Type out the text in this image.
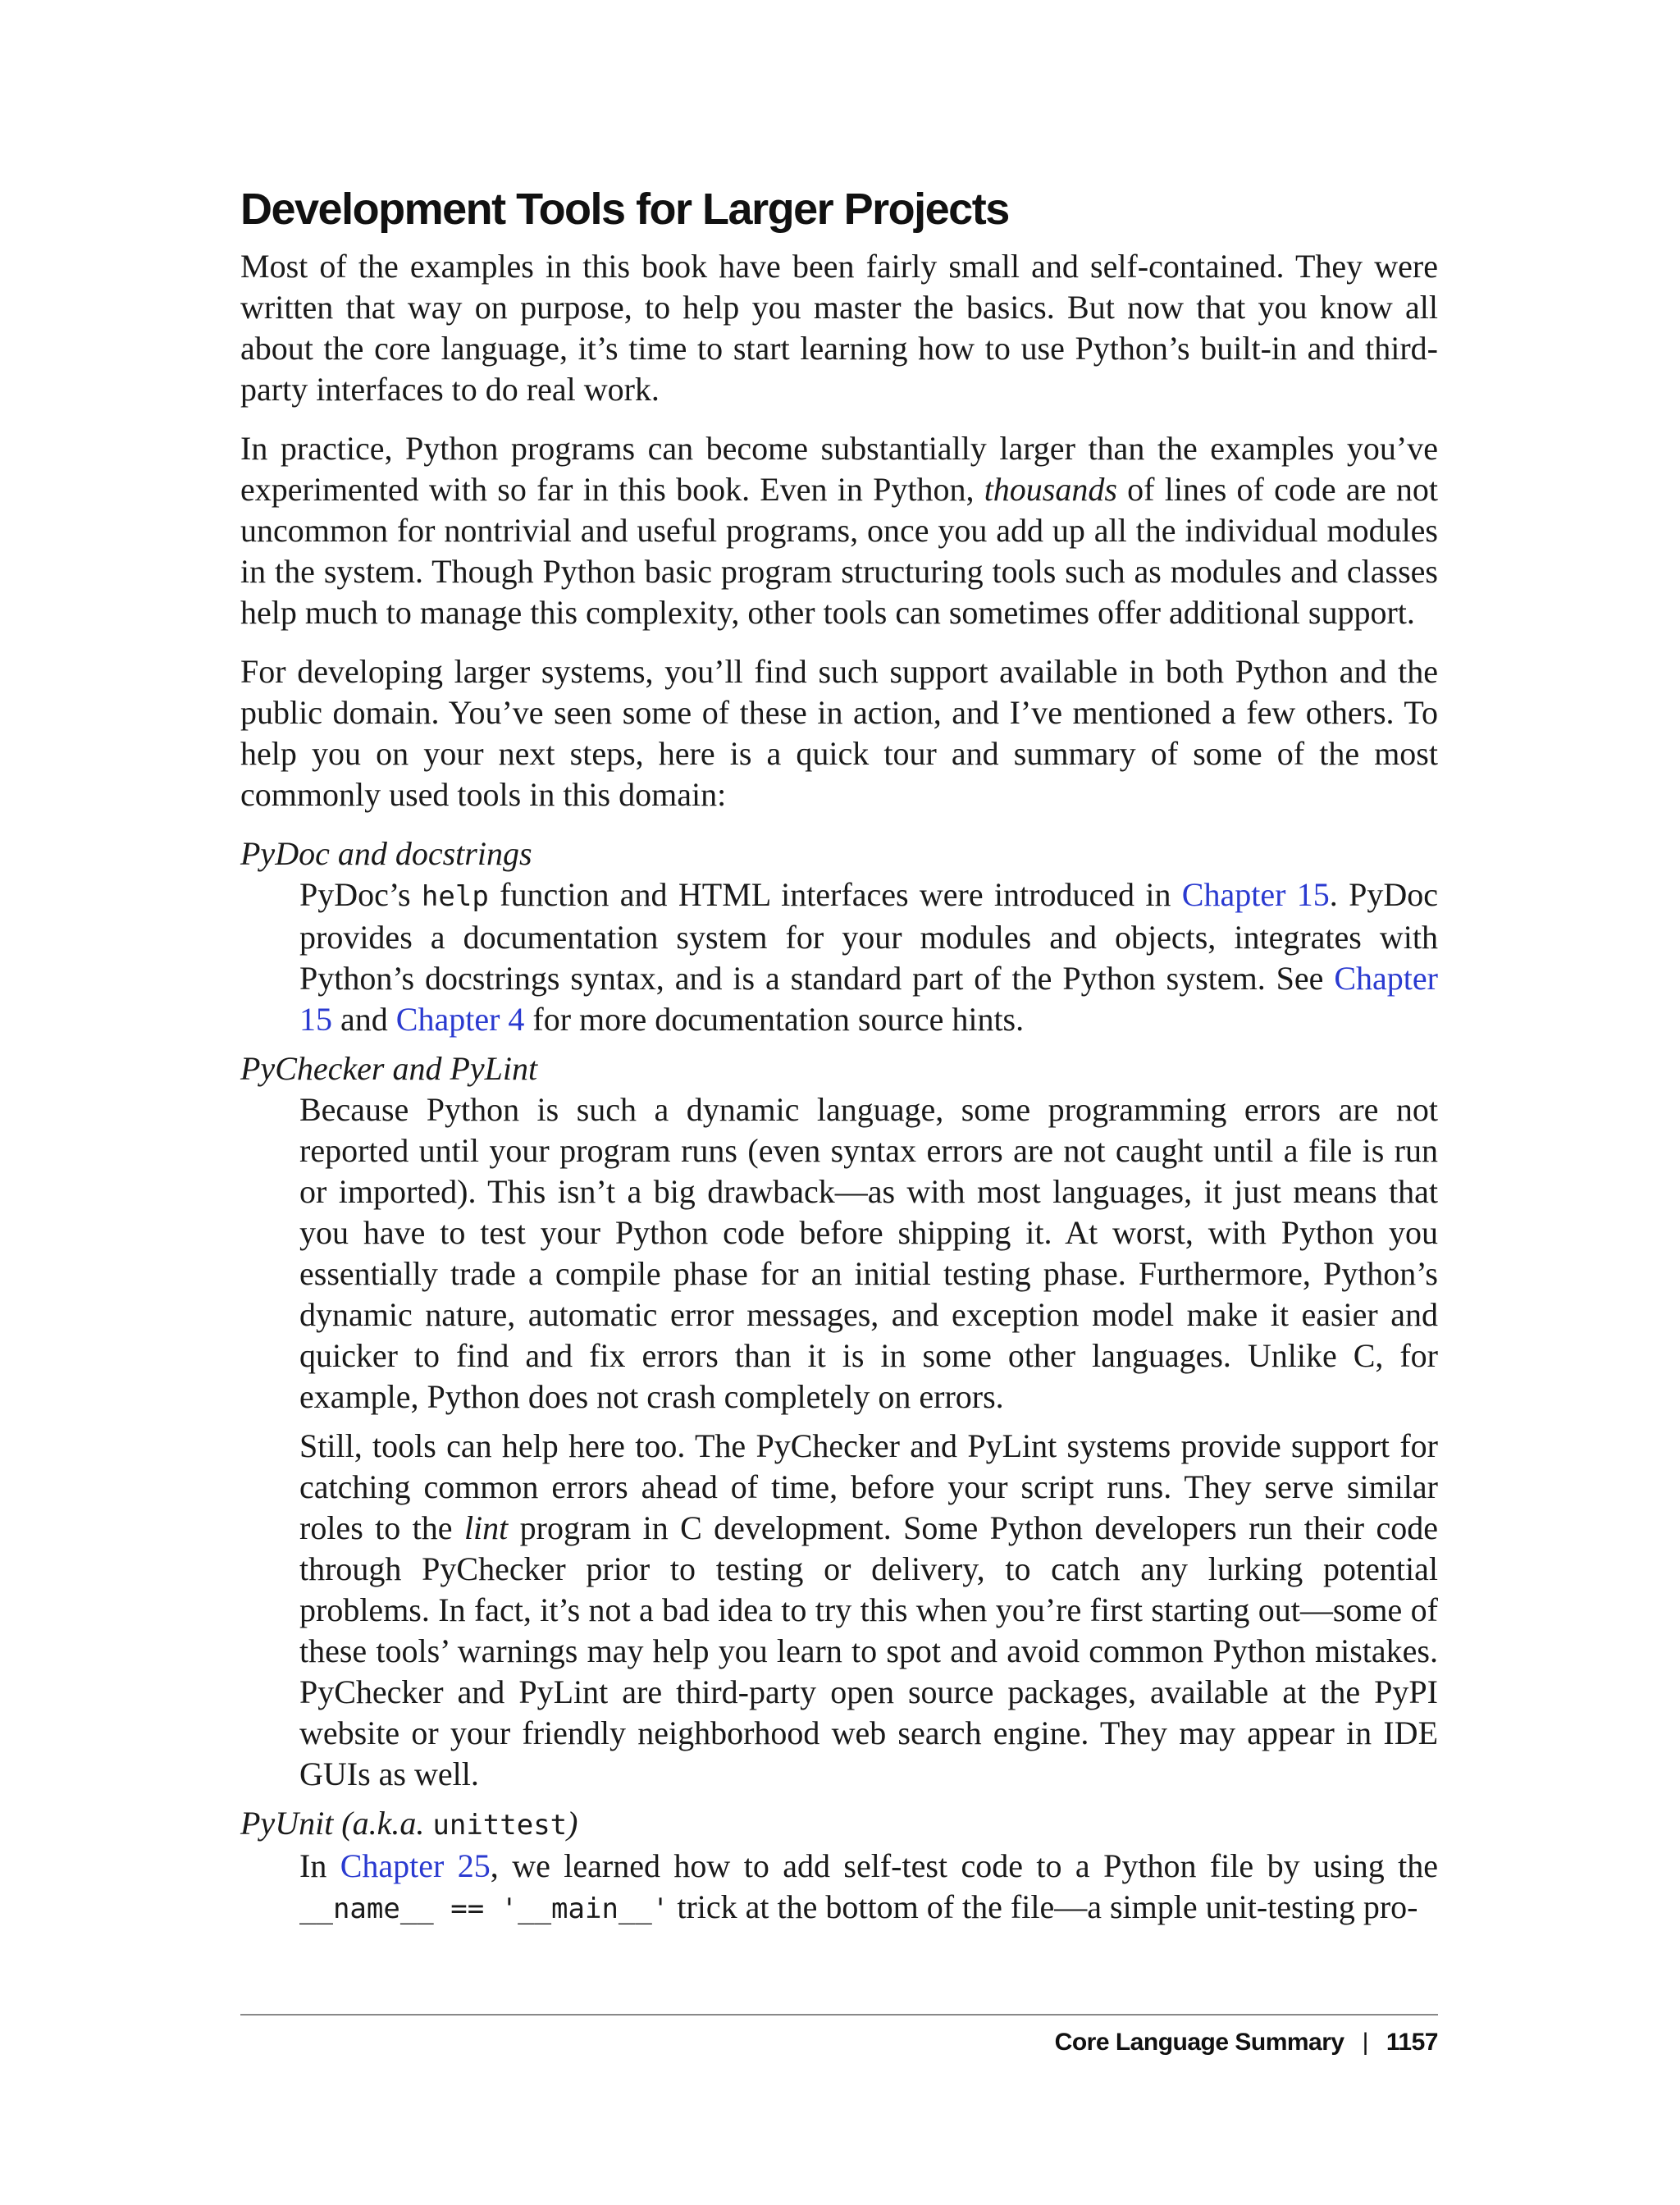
Development Tools for Larger Projects

Most of the examples in this book have been fairly small and self-contained. They were written that way on purpose, to help you master the basics. But now that you know all about the core language, it’s time to start learning how to use Python’s built-in and third-party interfaces to do real work.

In practice, Python programs can become substantially larger than the examples you’ve experimented with so far in this book. Even in Python, thousands of lines of code are not uncommon for nontrivial and useful programs, once you add up all the individual modules in the system. Though Python basic program structuring tools such as modules and classes help much to manage this complexity, other tools can sometimes offer additional support.

For developing larger systems, you’ll find such support available in both Python and the public domain. You’ve seen some of these in action, and I’ve mentioned a few others. To help you on your next steps, here is a quick tour and summary of some of the most commonly used tools in this domain:

PyDoc and docstrings

PyDoc’s help function and HTML interfaces were introduced in Chapter 15. PyDoc provides a documentation system for your modules and objects, integrates with Python’s docstrings syntax, and is a standard part of the Python system. See Chapter 15 and Chapter 4 for more documentation source hints.

PyChecker and PyLint

Because Python is such a dynamic language, some programming errors are not reported until your program runs (even syntax errors are not caught until a file is run or imported). This isn’t a big drawback—as with most languages, it just means that you have to test your Python code before shipping it. At worst, with Python you essentially trade a compile phase for an initial testing phase. Furthermore, Python’s dynamic nature, automatic error messages, and exception model make it easier and quicker to find and fix errors than it is in some other languages. Unlike C, for example, Python does not crash completely on errors.

Still, tools can help here too. The PyChecker and PyLint systems provide support for catching common errors ahead of time, before your script runs. They serve similar roles to the lint program in C development. Some Python developers run their code through PyChecker prior to testing or delivery, to catch any lurking potential problems. In fact, it’s not a bad idea to try this when you’re first starting out—some of these tools’ warnings may help you learn to spot and avoid common Python mistakes. PyChecker and PyLint are third-party open source packages, available at the PyPI website or your friendly neighborhood web search engine. They may appear in IDE GUIs as well.

PyUnit (a.k.a. unittest)

In Chapter 25, we learned how to add self-test code to a Python file by using the __name__ == '__main__' trick at the bottom of the file—a simple unit-testing pro-

Core Language Summary | 1157
